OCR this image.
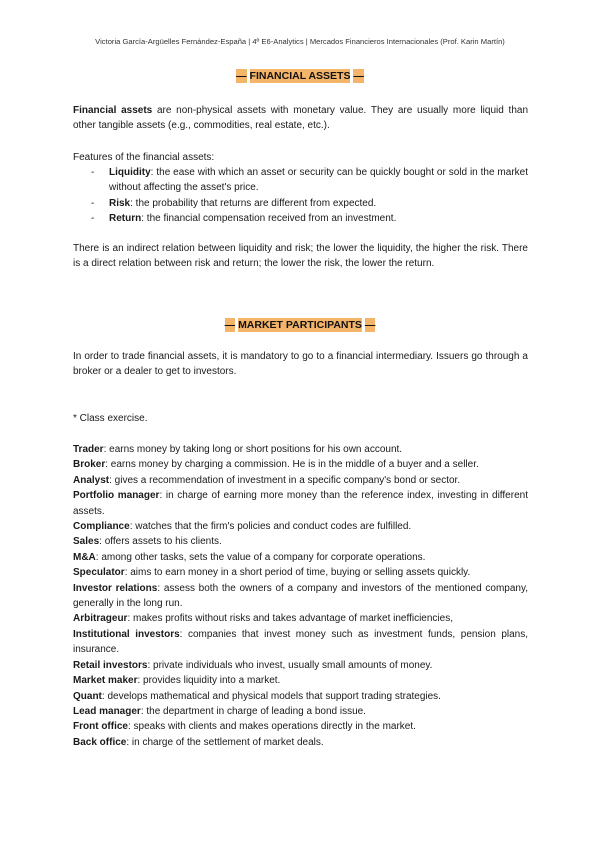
Victoria García-Argüelles Fernández-España | 4º E6-Analytics | Mercados Financieros Internacionales (Prof. Karin Martín)
— FINANCIAL ASSETS —
Financial assets are non-physical assets with monetary value. They are usually more liquid than other tangible assets (e.g., commodities, real estate, etc.).
Features of the financial assets:
- Liquidity: the ease with which an asset or security can be quickly bought or sold in the market without affecting the asset's price.
- Risk: the probability that returns are different from expected.
- Return: the financial compensation received from an investment.
There is an indirect relation between liquidity and risk; the lower the liquidity, the higher the risk. There is a direct relation between risk and return; the lower the risk, the lower the return.
— MARKET PARTICIPANTS —
In order to trade financial assets, it is mandatory to go to a financial intermediary. Issuers go through a broker or a dealer to get to investors.
* Class exercise.
Trader: earns money by taking long or short positions for his own account.
Broker: earns money by charging a commission. He is in the middle of a buyer and a seller.
Analyst: gives a recommendation of investment in a specific company's bond or sector.
Portfolio manager: in charge of earning more money than the reference index, investing in different assets.
Compliance: watches that the firm's policies and conduct codes are fulfilled.
Sales: offers assets to his clients.
M&A: among other tasks, sets the value of a company for corporate operations.
Speculator: aims to earn money in a short period of time, buying or selling assets quickly.
Investor relations: assess both the owners of a company and investors of the mentioned company, generally in the long run.
Arbitrageur: makes profits without risks and takes advantage of market inefficiencies,
Institutional investors: companies that invest money such as investment funds, pension plans, insurance.
Retail investors: private individuals who invest, usually small amounts of money.
Market maker: provides liquidity into a market.
Quant: develops mathematical and physical models that support trading strategies.
Lead manager: the department in charge of leading a bond issue.
Front office: speaks with clients and makes operations directly in the market.
Back office: in charge of the settlement of market deals.
